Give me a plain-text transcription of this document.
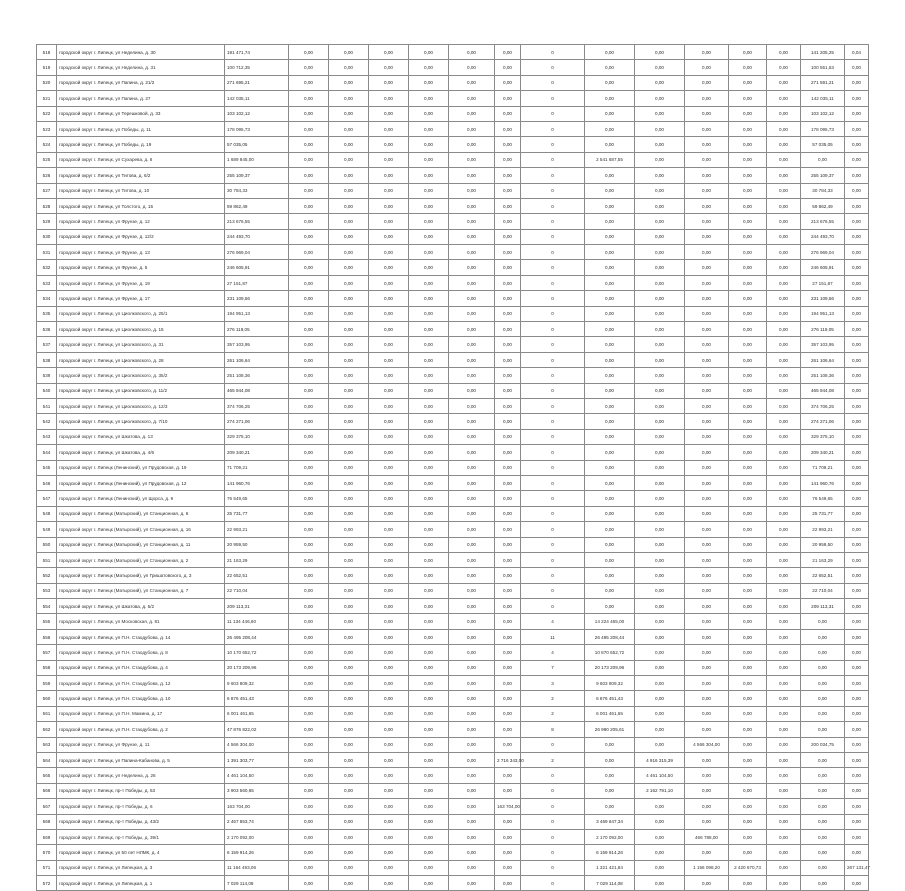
518	городской округ г. Липецк, ул Неделина, д. 30	191 471,74	0,00	0,00	0,00	0,00	0,00	0,00	0	0,00	0,00	0,00	0,00	0,00	141 205,25	0,04
519	городской округ г. Липецк, ул Неделина, д. 31	100 712,35	0,00	0,00	0,00	0,00	0,00	0,00	0	0,00	0,00	0,00	0,00	0,00	100 551,53	0,00
520	городской округ г. Липецк, ул Папина, д. 21/2	271 695,21	0,00	0,00	0,00	0,00	0,00	0,00	0	0,00	0,00	0,00	0,00	0,00	271 591,21	0,00
521	городской округ г. Липецк, ул Папина, д. 27	142 035,11	0,00	0,00	0,00	0,00	0,00	0,00	0	0,00	0,00	0,00	0,00	0,00	142 035,11	0,00
522	городской округ г. Липецк, ул Терешковой, д. 33	103 102,12	0,00	0,00	0,00	0,00	0,00	0,00	0	0,00	0,00	0,00	0,00	0,00	103 102,12	0,00
523	городской округ г. Липецк, ул Победы, д. 11	178 095,73	0,00	0,00	0,00	0,00	0,00	0,00	0	0,00	0,00	0,00	0,00	0,00	178 095,73	0,00
524	городской округ г. Липецк, ул Победы, д. 19	57 035,05	0,00	0,00	0,00	0,00	0,00	0,00	0	0,00	0,00	0,00	0,00	0,00	57 035,05	0,00
525	городской округ г. Липецк, ул Сухарева, д. 6	1 689 845,00	0,00	0,00	0,00	0,00	0,00	0,00	0	2 541 687,55	0,00	0,00	0,00	0,00	0,00	0,00
526	городской округ г. Липецк, ул Титова, д. 6/2	255 109,37	0,00	0,00	0,00	0,00	0,00	0,00	0	0,00	0,00	0,00	0,00	0,00	255 109,37	0,00
527	городской округ г. Липецк, ул Титова, д. 10	30 784,33	0,00	0,00	0,00	0,00	0,00	0,00	0	0,00	0,00	0,00	0,00	0,00	30 784,33	0,00
528	городской округ г. Липецк, ул Толстого, д. 15	59 862,49	0,00	0,00	0,00	0,00	0,00	0,00	0	0,00	0,00	0,00	0,00	0,00	59 862,49	0,00
529	городской округ г. Липецк, ул Фрунзе, д. 12	213 676,55	0,00	0,00	0,00	0,00	0,00	0,00	0	0,00	0,00	0,00	0,00	0,00	213 676,55	0,00
530	городской округ г. Липецк, ул Фрунзе, д. 12/2	244 493,70	0,00	0,00	0,00	0,00	0,00	0,00	0	0,00	0,00	0,00	0,00	0,00	244 493,70	0,00
531	городской округ г. Липецк, ул Фрунзе, д. 13	276 969,04	0,00	0,00	0,00	0,00	0,00	0,00	0	0,00	0,00	0,00	0,00	0,00	276 969,04	0,00
532	городской округ г. Липецк, ул Фрунзе, д. 5	246 605,91	0,00	0,00	0,00	0,00	0,00	0,00	0	0,00	0,00	0,00	0,00	0,00	246 605,91	0,00
533	городской округ г. Липецк, ул Фрунзе, д. 19	27 151,87	0,00	0,00	0,00	0,00	0,00	0,00	0	0,00	0,00	0,00	0,00	0,00	27 151,87	0,00
534	городской округ г. Липецк, ул Фрунзе, д. 17	231 109,56	0,00	0,00	0,00	0,00	0,00	0,00	0	0,00	0,00	0,00	0,00	0,00	231 109,56	0,00
535	городской округ г. Липецк, ул Циолковского, д. 25/1	194 951,13	0,00	0,00	0,00	0,00	0,00	0,00	0	0,00	0,00	0,00	0,00	0,00	194 951,13	0,00
536	городской округ г. Липецк, ул Циолковского, д. 15	276 119,05	0,00	0,00	0,00	0,00	0,00	0,00	0	0,00	0,00	0,00	0,00	0,00	276 119,05	0,00
537	городской округ г. Липецк, ул Циолковского, д. 31	357 103,95	0,00	0,00	0,00	0,00	0,00	0,00	0	0,00	0,00	0,00	0,00	0,00	357 103,95	0,00
538	городской округ г. Липецк, ул Циолковского, д. 28	261 106,64	0,00	0,00	0,00	0,00	0,00	0,00	0	0,00	0,00	0,00	0,00	0,00	261 106,64	0,00
539	городской округ г. Липецк, ул Циолковского, д. 35/2	251 108,36	0,00	0,00	0,00	0,00	0,00	0,00	0	0,00	0,00	0,00	0,00	0,00	251 108,36	0,00
540	городской округ г. Липецк, ул Циолковского, д. 11/2	465 944,08	0,00	0,00	0,00	0,00	0,00	0,00	0	0,00	0,00	0,00	0,00	0,00	465 944,08	0,00
541	городской округ г. Липецк, ул Циолковского, д. 12/3	374 706,25	0,00	0,00	0,00	0,00	0,00	0,00	0	0,00	0,00	0,00	0,00	0,00	374 706,25	0,00
542	городской округ г. Липецк, ул Циолковского, д. 7/10	274 271,06	0,00	0,00	0,00	0,00	0,00	0,00	0	0,00	0,00	0,00	0,00	0,00	274 271,06	0,00
543	городской округ г. Липецк, ул Шкатова, д. 13	329 375,10	0,00	0,00	0,00	0,00	0,00	0,00	0	0,00	0,00	0,00	0,00	0,00	329 375,10	0,00
544	городской округ г. Липецк, ул Шкатова, д. 4/6	209 340,21	0,00	0,00	0,00	0,00	0,00	0,00	0	0,00	0,00	0,00	0,00	0,00	209 340,21	0,00
545	городской округ г. Липецк (Ленинский), ул Прудовская, д. 19	71 709,21	0,00	0,00	0,00	0,00	0,00	0,00	0	0,00	0,00	0,00	0,00	0,00	71 709,21	0,00
546	городской округ г. Липецк (Ленинский), ул Прудовская, д. 12	141 960,76	0,00	0,00	0,00	0,00	0,00	0,00	0	0,00	0,00	0,00	0,00	0,00	141 960,76	0,00
547	городской округ г. Липецк (Ленинский), ул Щорса, д. 9	76 549,65	0,00	0,00	0,00	0,00	0,00	0,00	0	0,00	0,00	0,00	0,00	0,00	76 549,65	0,00
548	городской округ г. Липецк (Матырский), ул Станционная, д. 6	25 731,77	0,00	0,00	0,00	0,00	0,00	0,00	0	0,00	0,00	0,00	0,00	0,00	25 731,77	0,00
549	городской округ г. Липецк (Матырский), ул Станционная, д. 16	22 993,21	0,00	0,00	0,00	0,00	0,00	0,00	0	0,00	0,00	0,00	0,00	0,00	22 993,21	0,00
550	городской округ г. Липецк (Матырский), ул Станционная, д. 11	20 959,50	0,00	0,00	0,00	0,00	0,00	0,00	0	0,00	0,00	0,00	0,00	0,00	20 959,50	0,00
551	городской округ г. Липецк (Матырский), ул Станционная, д. 2	21 163,29	0,00	0,00	0,00	0,00	0,00	0,00	0	0,00	0,00	0,00	0,00	0,00	21 163,29	0,00
552	городской округ г. Липецк (Матырский), ул Гришатовского, д. 3	22 652,51	0,00	0,00	0,00	0,00	0,00	0,00	0	0,00	0,00	0,00	0,00	0,00	22 652,51	0,00
553	городской округ г. Липецк (Матырский), ул Станционная, д. 7	22 710,04	0,00	0,00	0,00	0,00	0,00	0,00	0	0,00	0,00	0,00	0,00	0,00	22 710,04	0,00
554	городской округ г. Липецк, ул Шкатова, д. 5/2	209 113,31	0,00	0,00	0,00	0,00	0,00	0,00	0	0,00	0,00	0,00	0,00	0,00	209 113,31	0,00
555	городской округ г. Липецк, ул Московская, д. 81	11 134 446,60	0,00	0,00	0,00	0,00	0,00	0,00	4	14 224 465,00	0,00	0,00	0,00	0,00	0,00	0,00
556	городской округ г. Липецк, ул П.Н. Стаодубова, д. 14	26 495 208,44	0,00	0,00	0,00	0,00	0,00	0,00	11	26 495 208,44	0,00	0,00	0,00	0,00	0,00	0,00
557	городской округ г. Липецк, ул П.Н. Стаодубова, д. 8	10 170 652,72	0,00	0,00	0,00	0,00	0,00	0,00	4	10 870 652,72	0,00	0,00	0,00	0,00	0,00	0,00
558	городской округ г. Липецк, ул П.Н. Стаодубова, д. 4	20 173 209,96	0,00	0,00	0,00	0,00	0,00	0,00	7	20 173 209,96	0,00	0,00	0,00	0,00	0,00	0,00
559	городской округ г. Липецк, ул П.Н. Стаодубова, д. 12	9 603 809,32	0,00	0,00	0,00	0,00	0,00	0,00	3	9 603 809,32	0,00	0,00	0,00	0,00	0,00	0,00
560	городской округ г. Липецк, ул П.Н. Стаодубова, д. 10	6 876 451,43	0,00	0,00	0,00	0,00	0,00	0,00	2	6 876 451,43	0,00	0,00	0,00	0,00	0,00	0,00
561	городской округ г. Липецк, ул П.Н. Мамина, д. 17	6 001 461,65	0,00	0,00	0,00	0,00	0,00	0,00	2	6 001 461,65	0,00	0,00	0,00	0,00	0,00	0,00
562	городской округ г. Липецк, ул П.Н. Стаодубова, д. 2	47 876 822,02	0,00	0,00	0,00	0,00	0,00	0,00	8	26 990 205,61	0,00	0,00	0,00	0,00	0,00	0,00
563	городской округ г. Липецк, ул Фрунзе, д. 11	4 566 304,00	0,00	0,00	0,00	0,00	0,00	0,00	0	0,00	0,00	4 566 304,00	0,00	0,00	200 034,75	0,00
564	городской округ г. Липецк, ул Папина-Кабанова, д. 5	1 391 303,77	0,00	0,00	0,00	0,00	0,00	2 716 343,00	2	0,00	4 916 315,39	0,00	0,00	0,00	0,00	0,00
565	городской округ г. Липецк, ул Неделина, д. 26	4 461 104,50	0,00	0,00	0,00	0,00	0,00	0,00	0	0,00	4 461 104,50	0,00	0,00	0,00	0,00	0,00
566	городской округ г. Липецк, пр-т Победы, д. 53	3 903 560,65	0,00	0,00	0,00	0,00	0,00	0,00	0	0,00	2 162 791,10	0,00	0,00	0,00	0,00	0,00
567	городской округ г. Липецк, пр-т Победы, д. 6	163 704,00	0,00	0,00	0,00	0,00	0,00	163 704,00	0	0,00	0,00	0,00	0,00	0,00	0,00	0,00
568	городской округ г. Липецк, пр-т Победы, д. 43/2	2 467 853,74	0,00	0,00	0,00	0,00	0,00	0,00	0	3 469 647,34	0,00	0,00	0,00	0,00	0,00	0,00
569	городской округ г. Липецк, пр-т Победы, д. 39/1	2 170 092,00	0,00	0,00	0,00	0,00	0,00	0,00	0	2 170 092,00	0,00	466 788,00	0,00	0,00	0,00	0,00
570	городской округ г. Липецк, ул 50 лет НЛМК, д. 4	6 159 914,26	0,00	0,00	0,00	0,00	0,00	0,00	0	6 159 914,26	0,00	0,00	0,00	0,00	0,00	0,00
571	городской округ г. Липецк, ул Липецкая, д. 3	11 164 493,06	0,00	0,00	0,00	0,00	0,00	0,00	0	1 321 421,84	0,00	1 156 098,20	2 420 670,73	0,00	0,00	267 131,47
572	городской округ г. Липецк, ул Липецкая, д. 1	7 029 114,08	0,00	0,00	0,00	0,00	0,00	0,00	0	7 029 114,08	0,00	0,00	0,00	0,00	0,00	0,00
